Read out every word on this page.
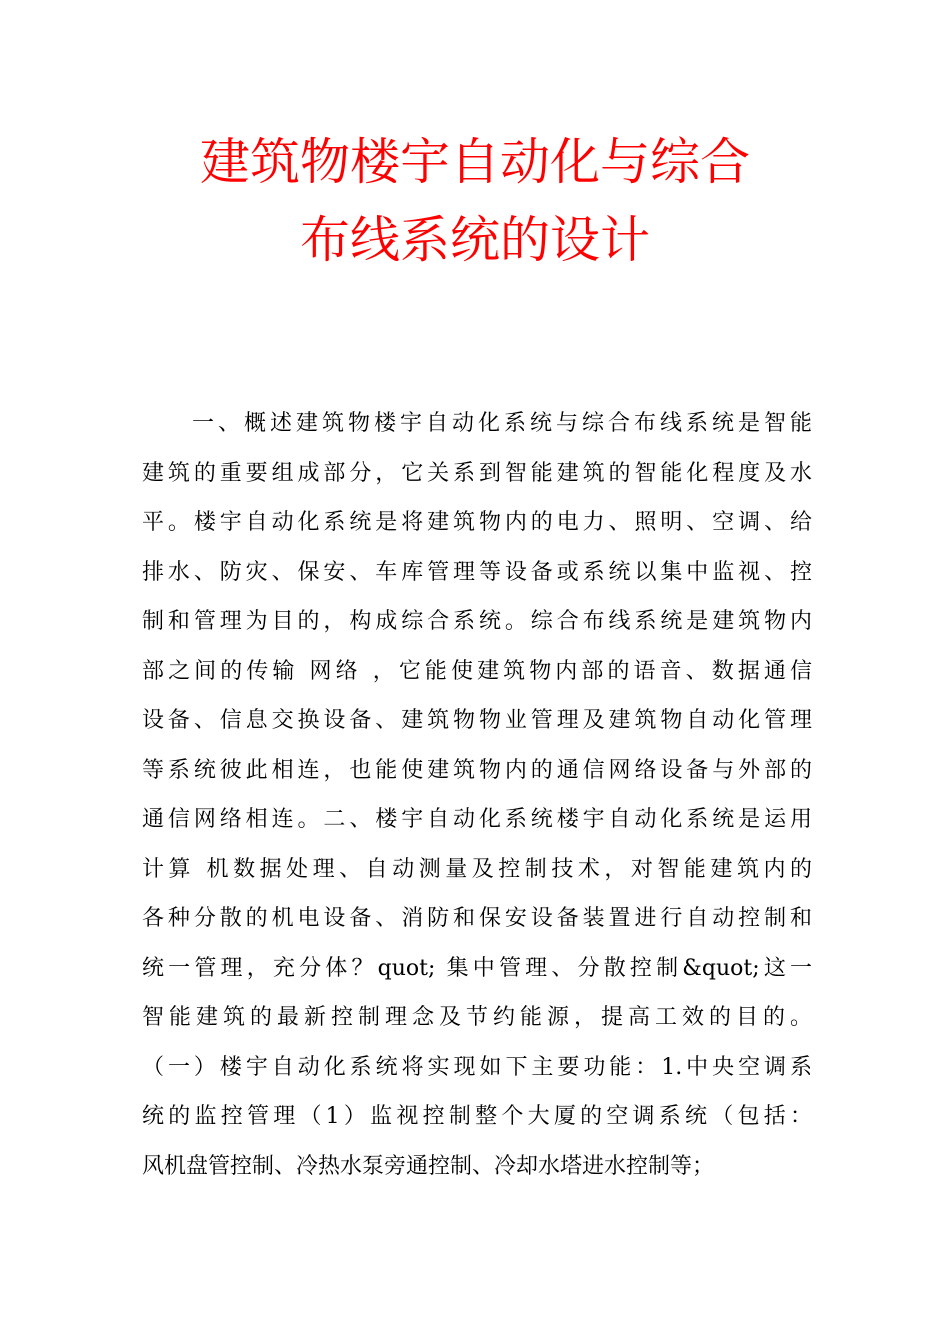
建筑物楼宇自动化与综合
布线系统的设计
一、概述建筑物楼宇自动化系统与综合布线系统是智能
建筑的重要组成部分，它关系到智能建筑的智能化程度及水
平。楼宇自动化系统是将建筑物内的电力、照明、空调、给
排水、防灾、保安、车库管理等设备或系统以集中监视、控
制和管理为目的，构成综合系统。综合布线系统是建筑物内
部之间的传输 网络 ，它能使建筑物内部的语音、数据通信
设备、信息交换设备、建筑物物业管理及建筑物自动化管理
等系统彼此相连，也能使建筑物内的通信网络设备与外部的
通信网络相连。二、楼宇自动化系统楼宇自动化系统是运用
计算 机数据处理、自动测量及控制技术，对智能建筑内的
各种分散的机电设备、消防和保安设备装置进行自动控制和
统一管理，充分体？quot; 集中管理、分散控制&quot;这一
智能建筑的最新控制理念及节约能源，提高工效的目的。
（一）楼宇自动化系统将实现如下主要功能：1.中央空调系
统的监控管理（1）监视控制整个大厦的空调系统（包括：
风机盘管控制、冷热水泵旁通控制、冷却水塔进水控制等；
